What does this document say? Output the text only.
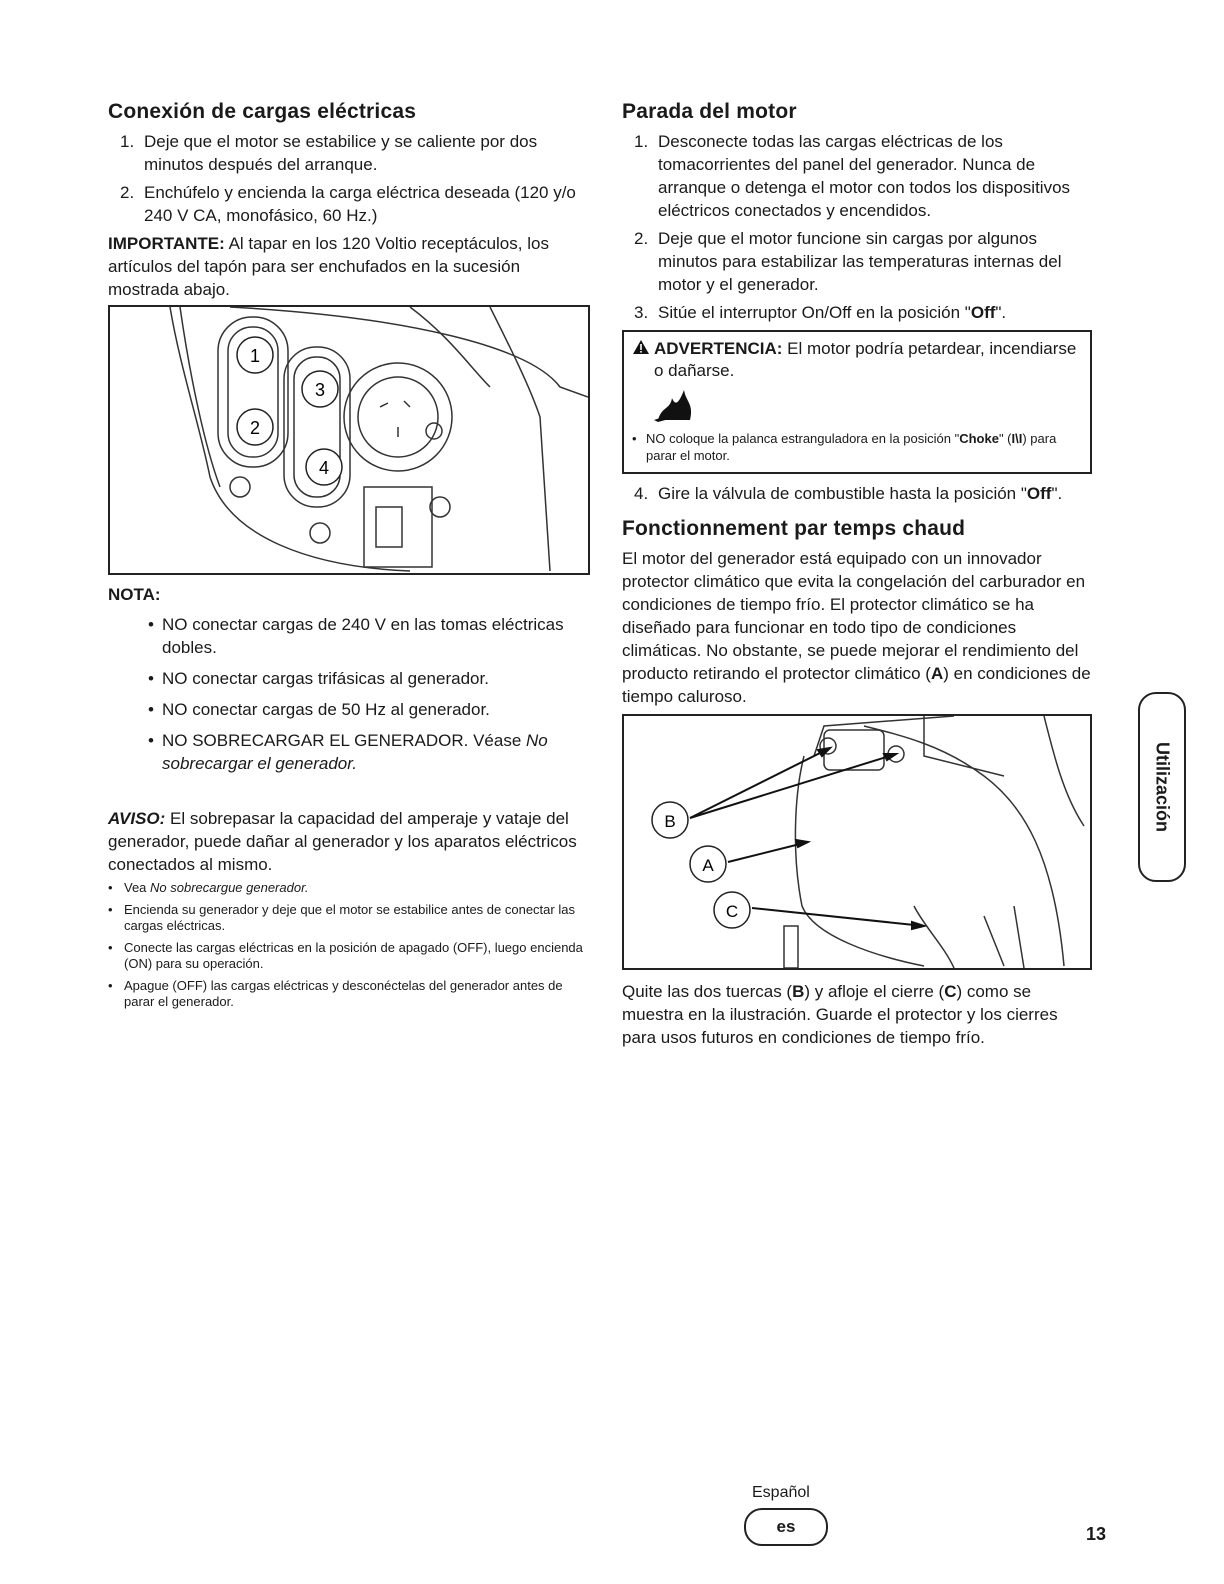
Conexión de cargas eléctricas
1. Deje que el motor se estabilice y se caliente por dos minutos después del arranque.
2. Enchúfelo y encienda la carga eléctrica deseada (120 y/o 240 V CA, monofásico, 60 Hz.)

IMPORTANTE: Al tapar en los 120 Voltio receptáculos, los artículos del tapón para ser enchufados en la sucesión mostrada abajo.

1
2
3
4
NOTA:
• NO conectar cargas de 240 V en las tomas eléctricas dobles.
• NO conectar cargas trifásicas al generador.
• NO conectar cargas de 50 Hz al generador.
• NO SOBRECARGAR EL GENERADOR. Véase No sobrecargar el generador.

AVISO: El sobrepasar la capacidad del amperaje y vataje del generador, puede dañar al generador y los aparatos eléctricos conectados al mismo.

• Vea No sobrecargue generador.
• Encienda su generador y deje que el motor se estabilice antes de conectar las cargas eléctricas.
• Conecte las cargas eléctricas en la posición de apagado (OFF), luego encienda (ON) para su operación.
• Apague (OFF) las cargas eléctricas y desconéctelas del generador antes de parar el generador.
Parada del motor
1. Desconecte todas las cargas eléctricas de los tomacorrientes del panel del generador. Nunca de arranque o detenga el motor con todos los dispositivos eléctricos conectados y encendidos.
2. Deje que el motor funcione sin cargas por algunos minutos para estabilizar las temperaturas internas del motor y el generador.
3. Sitúe el interruptor On/Off en la posición "Off".
ADVERTENCIA: El motor podría petardear, incendiarse o dañarse.
• NO coloque la palanca estranguladora en la posición "Choke" (I\I) para parar el motor.
4. Gire la válvula de combustible hasta la posición "Off".
Fonctionnement par temps chaud

El motor del generador está equipado con un innovador protector climático que evita la congelación del carburador en condiciones de tiempo frío. El protector climático se ha diseñado para funcionar en todo tipo de condiciones climáticas. No obstante, se puede mejorar el rendimiento del producto retirando el protector climático (A) en condiciones de tiempo caluroso.

B
A
C

Quite las dos tuercas (B) y afloje el cierre (C) como se muestra en la ilustración. Guarde el protector y los cierres para usos futuros en condiciones de tiempo frío.

Utilización
Español
es	13
